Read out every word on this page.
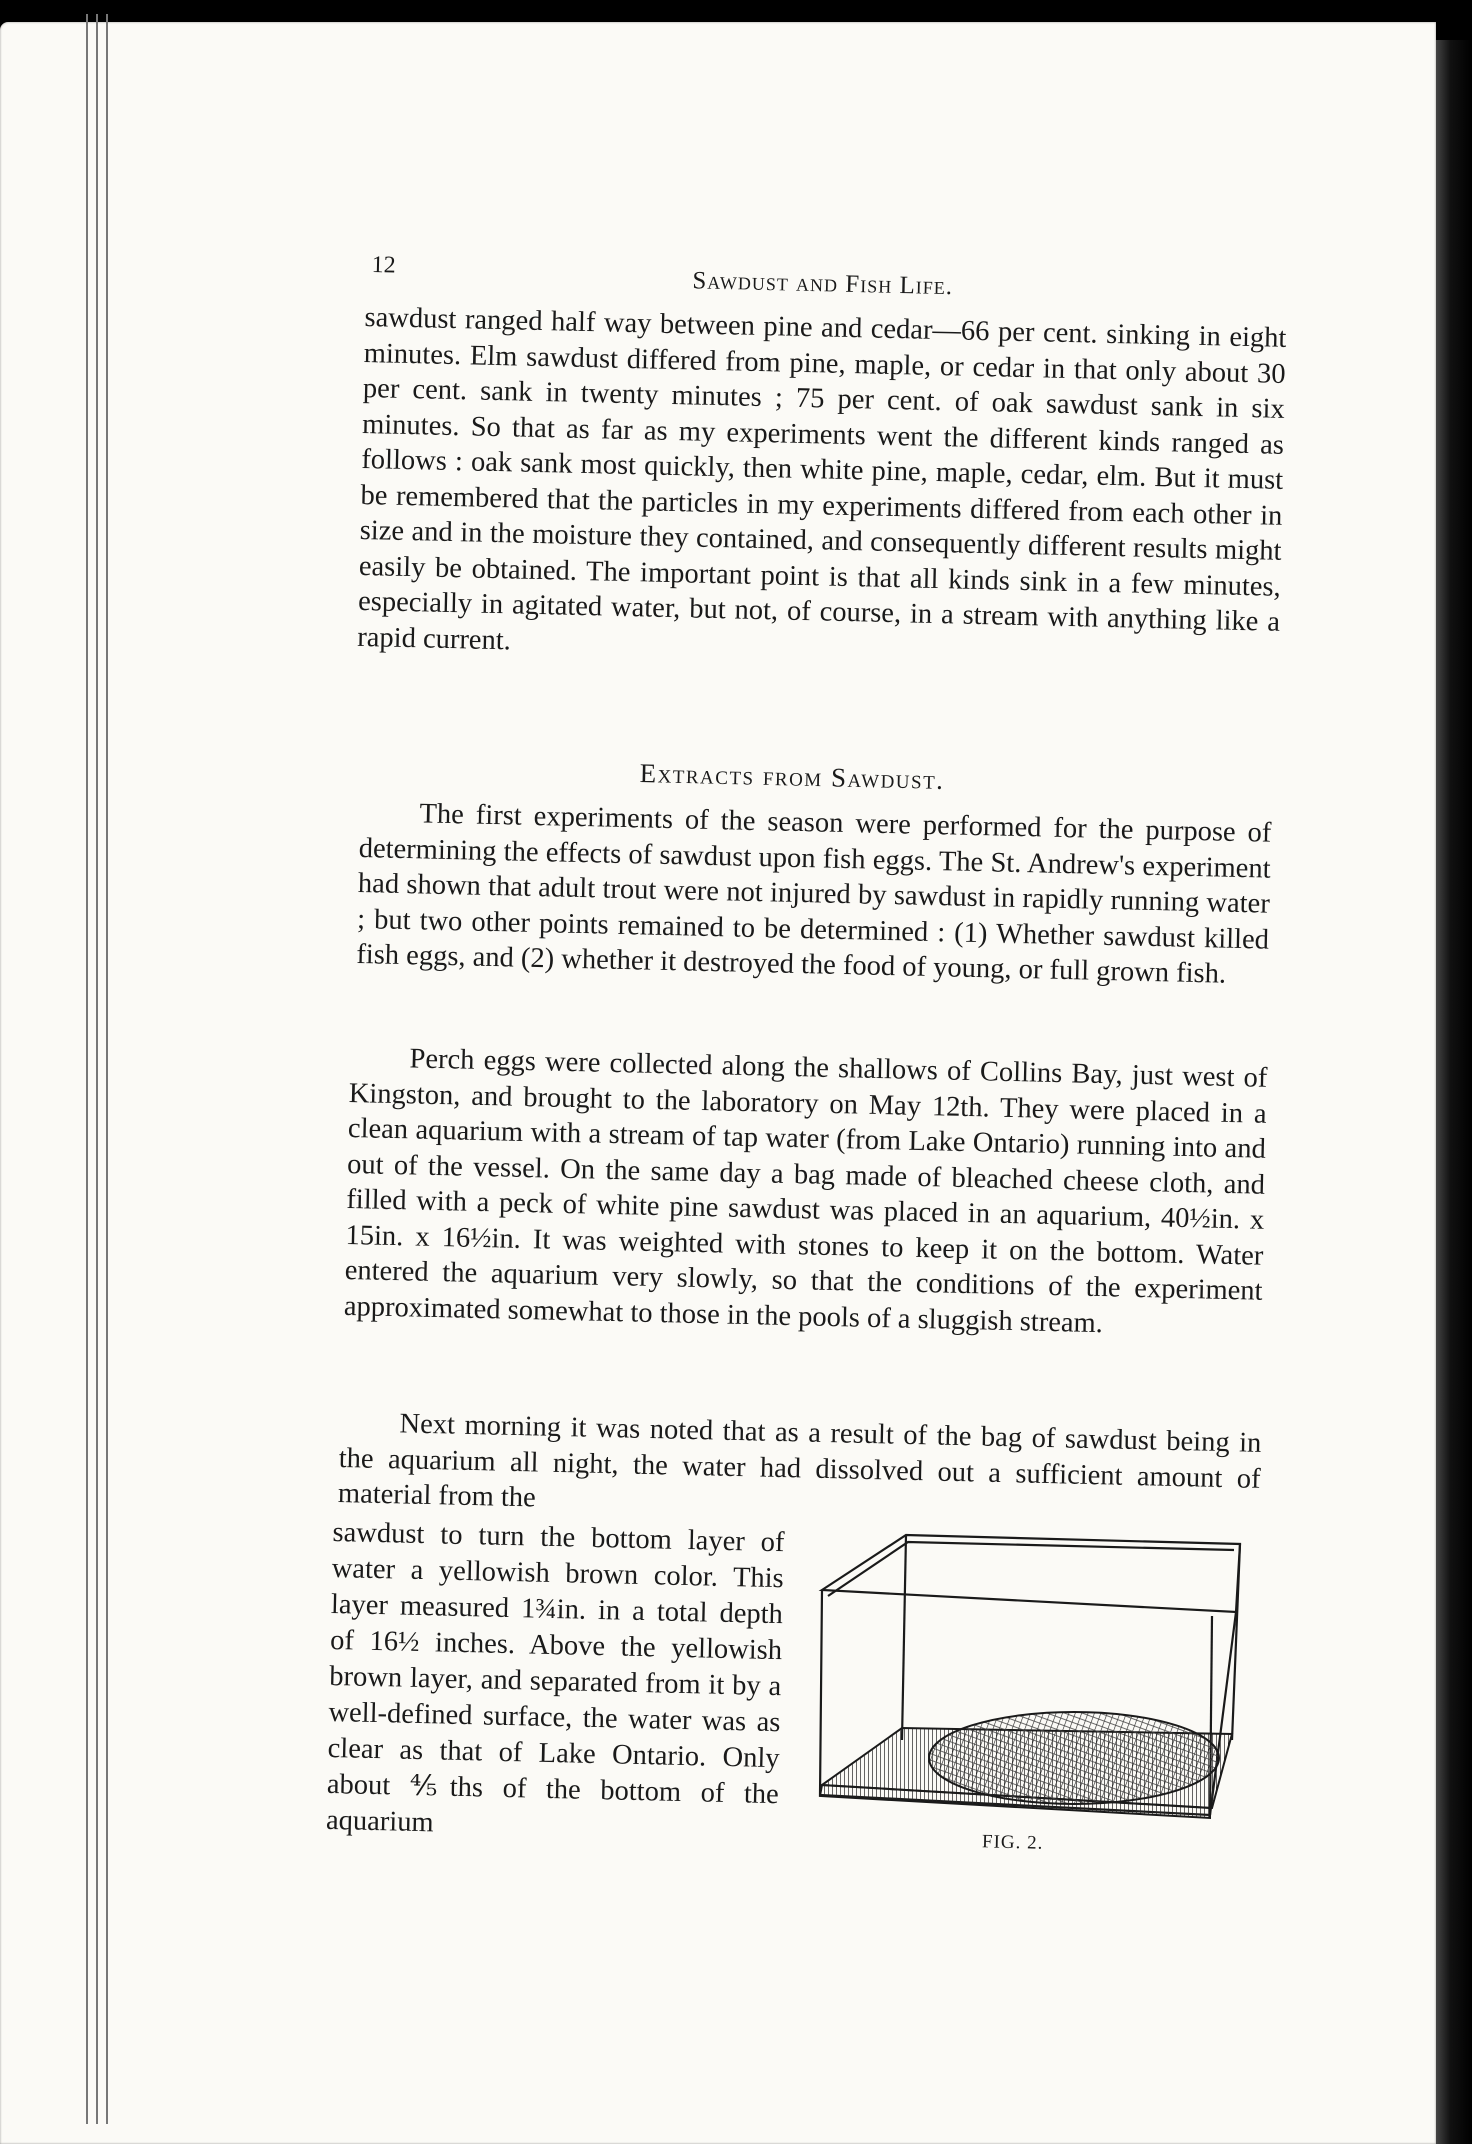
12
Sawdust and Fish Life.

sawdust ranged half way between pine and cedar—66 per cent. sinking in eight minutes. Elm sawdust differed from pine, maple, or cedar in that only about 30 per cent. sank in twenty minutes ; 75 per cent. of oak sawdust sank in six minutes. So that as far as my experiments went the different kinds ranged as follows : oak sank most quickly, then white pine, maple, cedar, elm. But it must be remembered that the particles in my experiments differed from each other in size and in the moisture they contained, and consequently different results might easily be obtained. The important point is that all kinds sink in a few minutes, especially in agitated water, but not, of course, in a stream with anything like a rapid current.

Extracts from Sawdust.

The first experiments of the season were performed for the purpose of determining the effects of sawdust upon fish eggs. The St. Andrew's experiment had shown that adult trout were not injured by sawdust in rapidly running water ; but two other points remained to be determined : (1) Whether sawdust killed fish eggs, and (2) whether it destroyed the food of young, or full grown fish.

Perch eggs were collected along the shallows of Collins Bay, just west of Kingston, and brought to the laboratory on May 12th. They were placed in a clean aquarium with a stream of tap water (from Lake Ontario) running into and out of the vessel. On the same day a bag made of bleached cheese cloth, and filled with a peck of white pine sawdust was placed in an aquarium, 40½in. x 15in. x 16½in. It was weighted with stones to keep it on the bottom. Water entered the aquarium very slowly, so that the conditions of the experiment approximated somewhat to those in the pools of a sluggish stream.

Next morning it was noted that as a result of the bag of sawdust being in the aquarium all night, the water had dissolved out a sufficient amount of material from the

sawdust to turn the bottom layer of water a yellowish brown color. This layer measured 1¾in. in a total depth of 16½ inches. Above the yellowish brown layer, and separated from it by a well-defined surface, the water was as clear as that of Lake Ontario. Only about ⅘ths of the bottom of the aquarium
FIG. 2.
